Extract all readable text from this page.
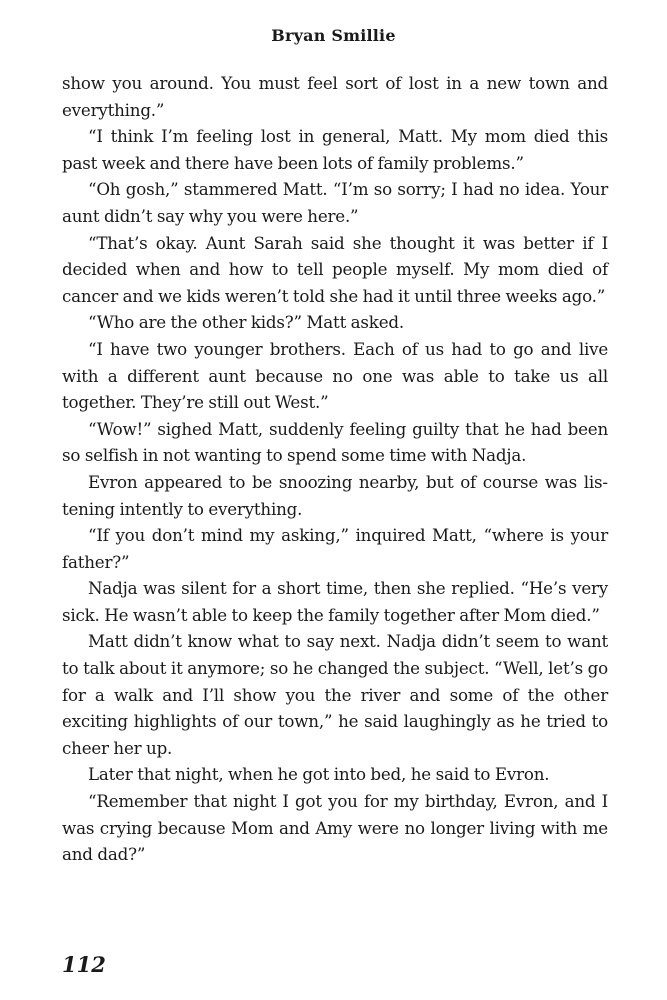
Bryan Smillie

show you around. You must feel sort of lost in a new town and everything.”

“I think I’m feeling lost in general, Matt. My mom died this past week and there have been lots of family problems.”

“Oh gosh,” stammered Matt. “I’m so sorry; I had no idea. Your aunt didn’t say why you were here.”

“That’s okay. Aunt Sarah said she thought it was better if I decided when and how to tell people myself. My mom died of cancer and we kids weren’t told she had it until three weeks ago.”

“Who are the other kids?” Matt asked.

“I have two younger brothers. Each of us had to go and live with a different aunt because no one was able to take us all together. They’re still out West.”

“Wow!” sighed Matt, suddenly feeling guilty that he had been so selfish in not wanting to spend some time with Nadja.

Evron appeared to be snoozing nearby, but of course was listening intently to everything.

“If you don’t mind my asking,” inquired Matt, “where is your father?”

Nadja was silent for a short time, then she replied. “He’s very sick. He wasn’t able to keep the family together after Mom died.”

Matt didn’t know what to say next. Nadja didn’t seem to want to talk about it anymore; so he changed the subject. “Well, let’s go for a walk and I’ll show you the river and some of the other exciting highlights of our town,” he said laughingly as he tried to cheer her up.

Later that night, when he got into bed, he said to Evron.

“Remember that night I got you for my birthday, Evron, and I was crying because Mom and Amy were no longer living with me and dad?”

112
